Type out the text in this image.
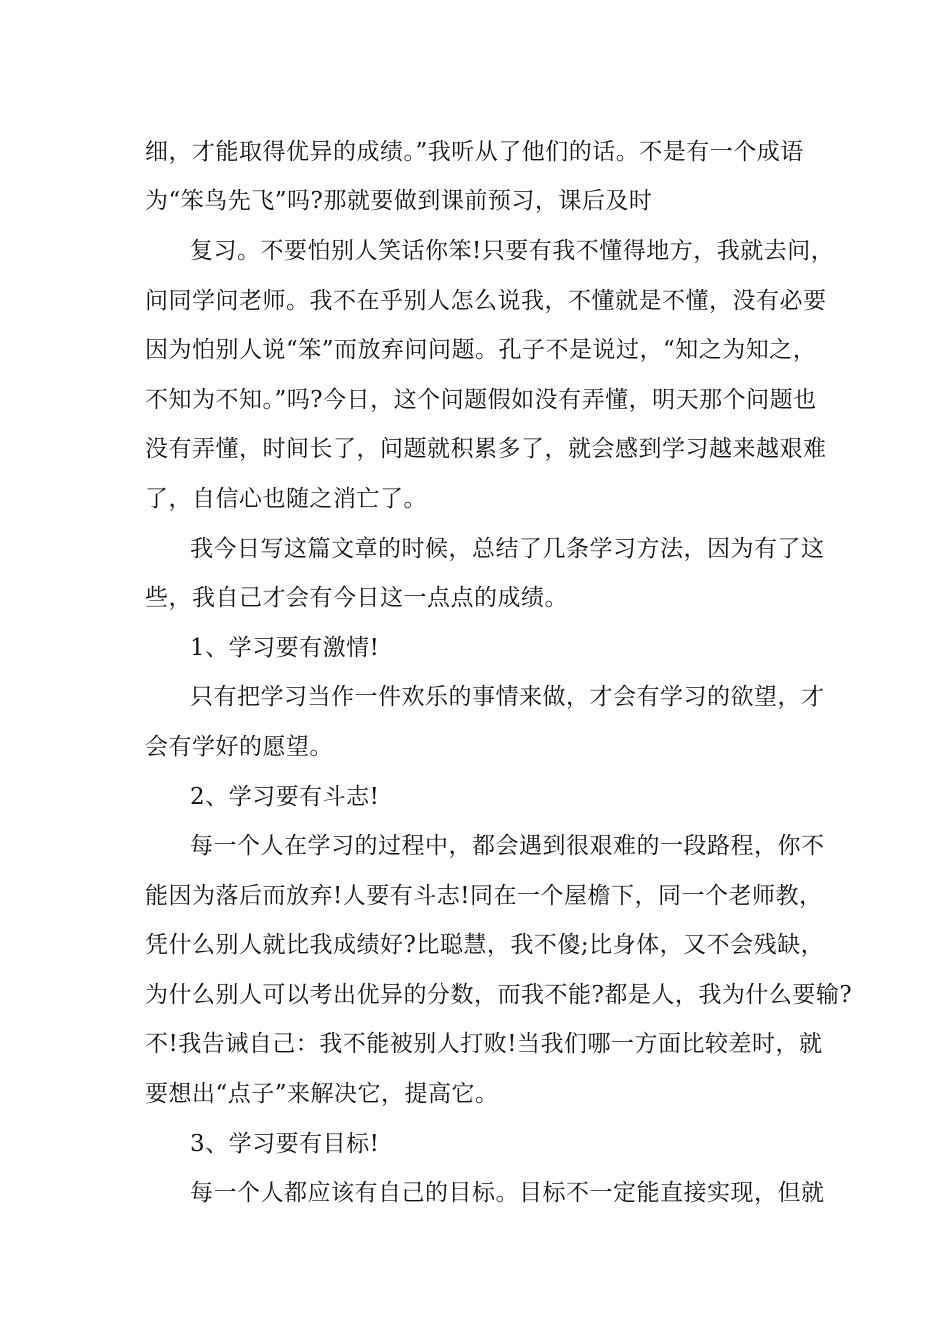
细，才能取得优异的成绩。”我听从了他们的话。不是有一个成语
为“笨鸟先飞”吗?那就要做到课前预习，课后及时
复习。不要怕别人笑话你笨!只要有我不懂得地方，我就去问，
问同学问老师。我不在乎别人怎么说我，不懂就是不懂，没有必要
因为怕别人说“笨”而放弃问问题。孔子不是说过，“知之为知之，
不知为不知。”吗?今日，这个问题假如没有弄懂，明天那个问题也
没有弄懂，时间长了，问题就积累多了，就会感到学习越来越艰难
了，自信心也随之消亡了。
我今日写这篇文章的时候，总结了几条学习方法，因为有了这
些，我自己才会有今日这一点点的成绩。
1、学习要有激情!
只有把学习当作一件欢乐的事情来做，才会有学习的欲望，才
会有学好的愿望。
2、学习要有斗志!
每一个人在学习的过程中，都会遇到很艰难的一段路程，你不
能因为落后而放弃!人要有斗志!同在一个屋檐下，同一个老师教，
凭什么别人就比我成绩好?比聪慧，我不傻;比身体，又不会残缺，
为什么别人可以考出优异的分数，而我不能?都是人，我为什么要输?
不!我告诫自己：我不能被别人打败!当我们哪一方面比较差时，就
要想出“点子”来解决它，提高它。
3、学习要有目标!
每一个人都应该有自己的目标。目标不一定能直接实现，但就
